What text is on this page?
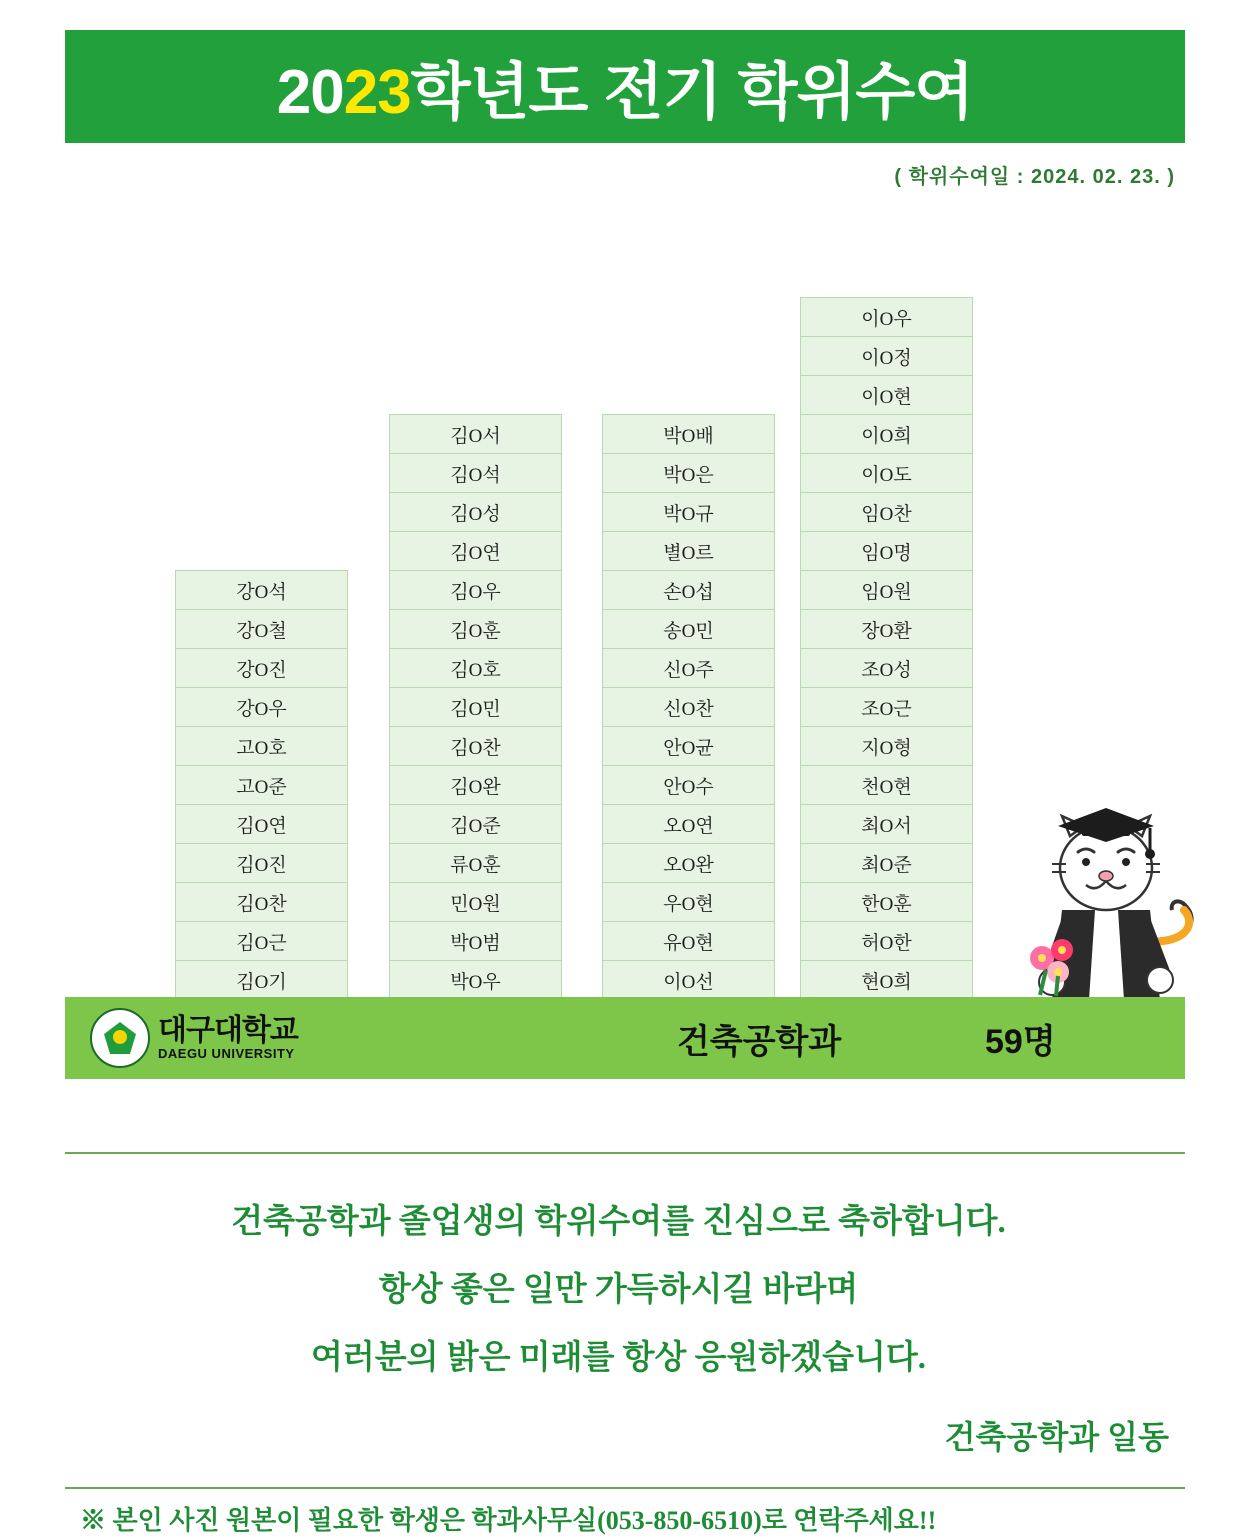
2023학년도 전기 학위수여
( 학위수여일 : 2024. 02. 23. )
강O석
강O철
강O진
강O우
고O호
고O준
김O연
김O진
김O찬
김O근
김O기
김O서
김O석
김O성
김O연
김O우
김O훈
김O호
김O민
김O찬
김O완
김O준
류O훈
민O원
박O범
박O우
박O배
박O은
박O규
별O르
손O섭
송O민
신O주
신O찬
안O균
안O수
오O연
오O완
우O현
유O현
이O선
이O우
이O정
이O현
이O희
이O도
임O찬
임O명
임O원
장O환
조O성
조O근
지O형
천O현
최O서
최O준
한O훈
허O한
현O희
대구대학교
DAEGU UNIVERSITY	건축공학과	59명
건축공학과 졸업생의 학위수여를 진심으로 축하합니다.
항상 좋은 일만 가득하시길 바라며
여러분의 밝은 미래를 항상 응원하겠습니다.
건축공학과 일동
※ 본인 사진 원본이 필요한 학생은 학과사무실(053-850-6510)로 연락주세요!!
